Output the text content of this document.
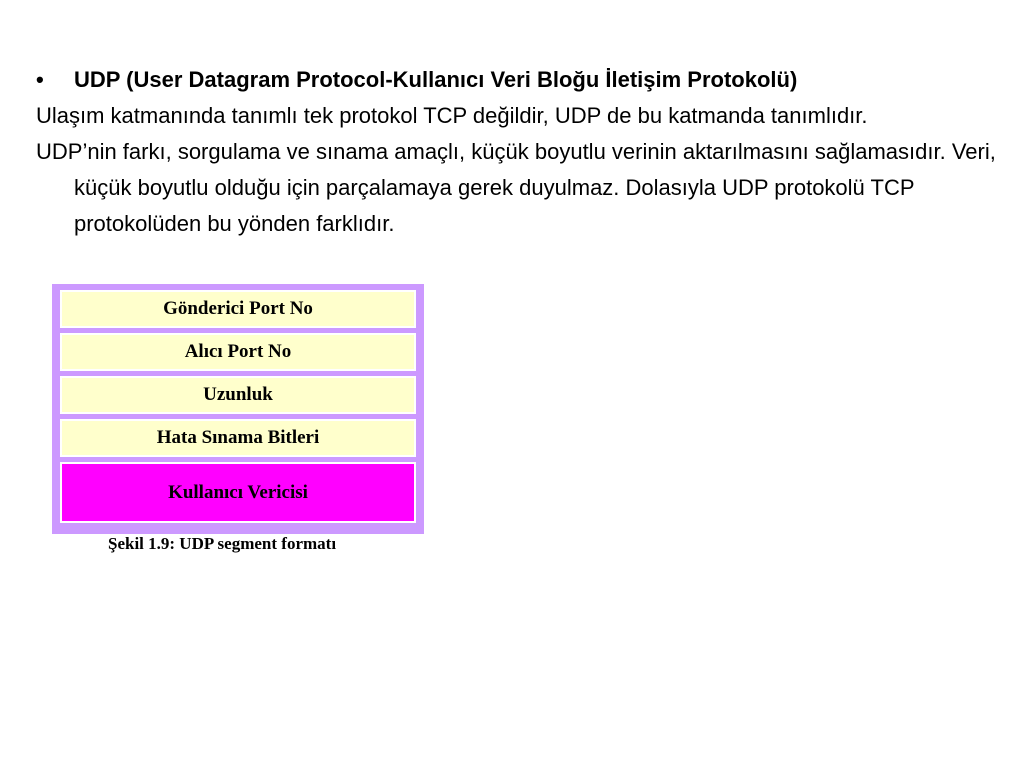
• UDP (User Datagram Protocol-Kullanıcı Veri Bloğu İletişim Protokolü)
Ulaşım katmanında tanımlı tek protokol TCP değildir, UDP de bu katmanda tanımlıdır.
UDP’nin farkı, sorgulama ve sınama amaçlı, küçük boyutlu verinin aktarılmasını sağlamasıdır. Veri, küçük boyutlu olduğu için parçalamaya gerek duyulmaz. Dolasıyla UDP protokolü TCP protokolüden bu yönden farklıdır.
Gönderici Port No
Alıcı Port No
Uzunluk
Hata Sınama Bitleri
Kullanıcı Vericisi
Şekil 1.9: UDP segment formatı
